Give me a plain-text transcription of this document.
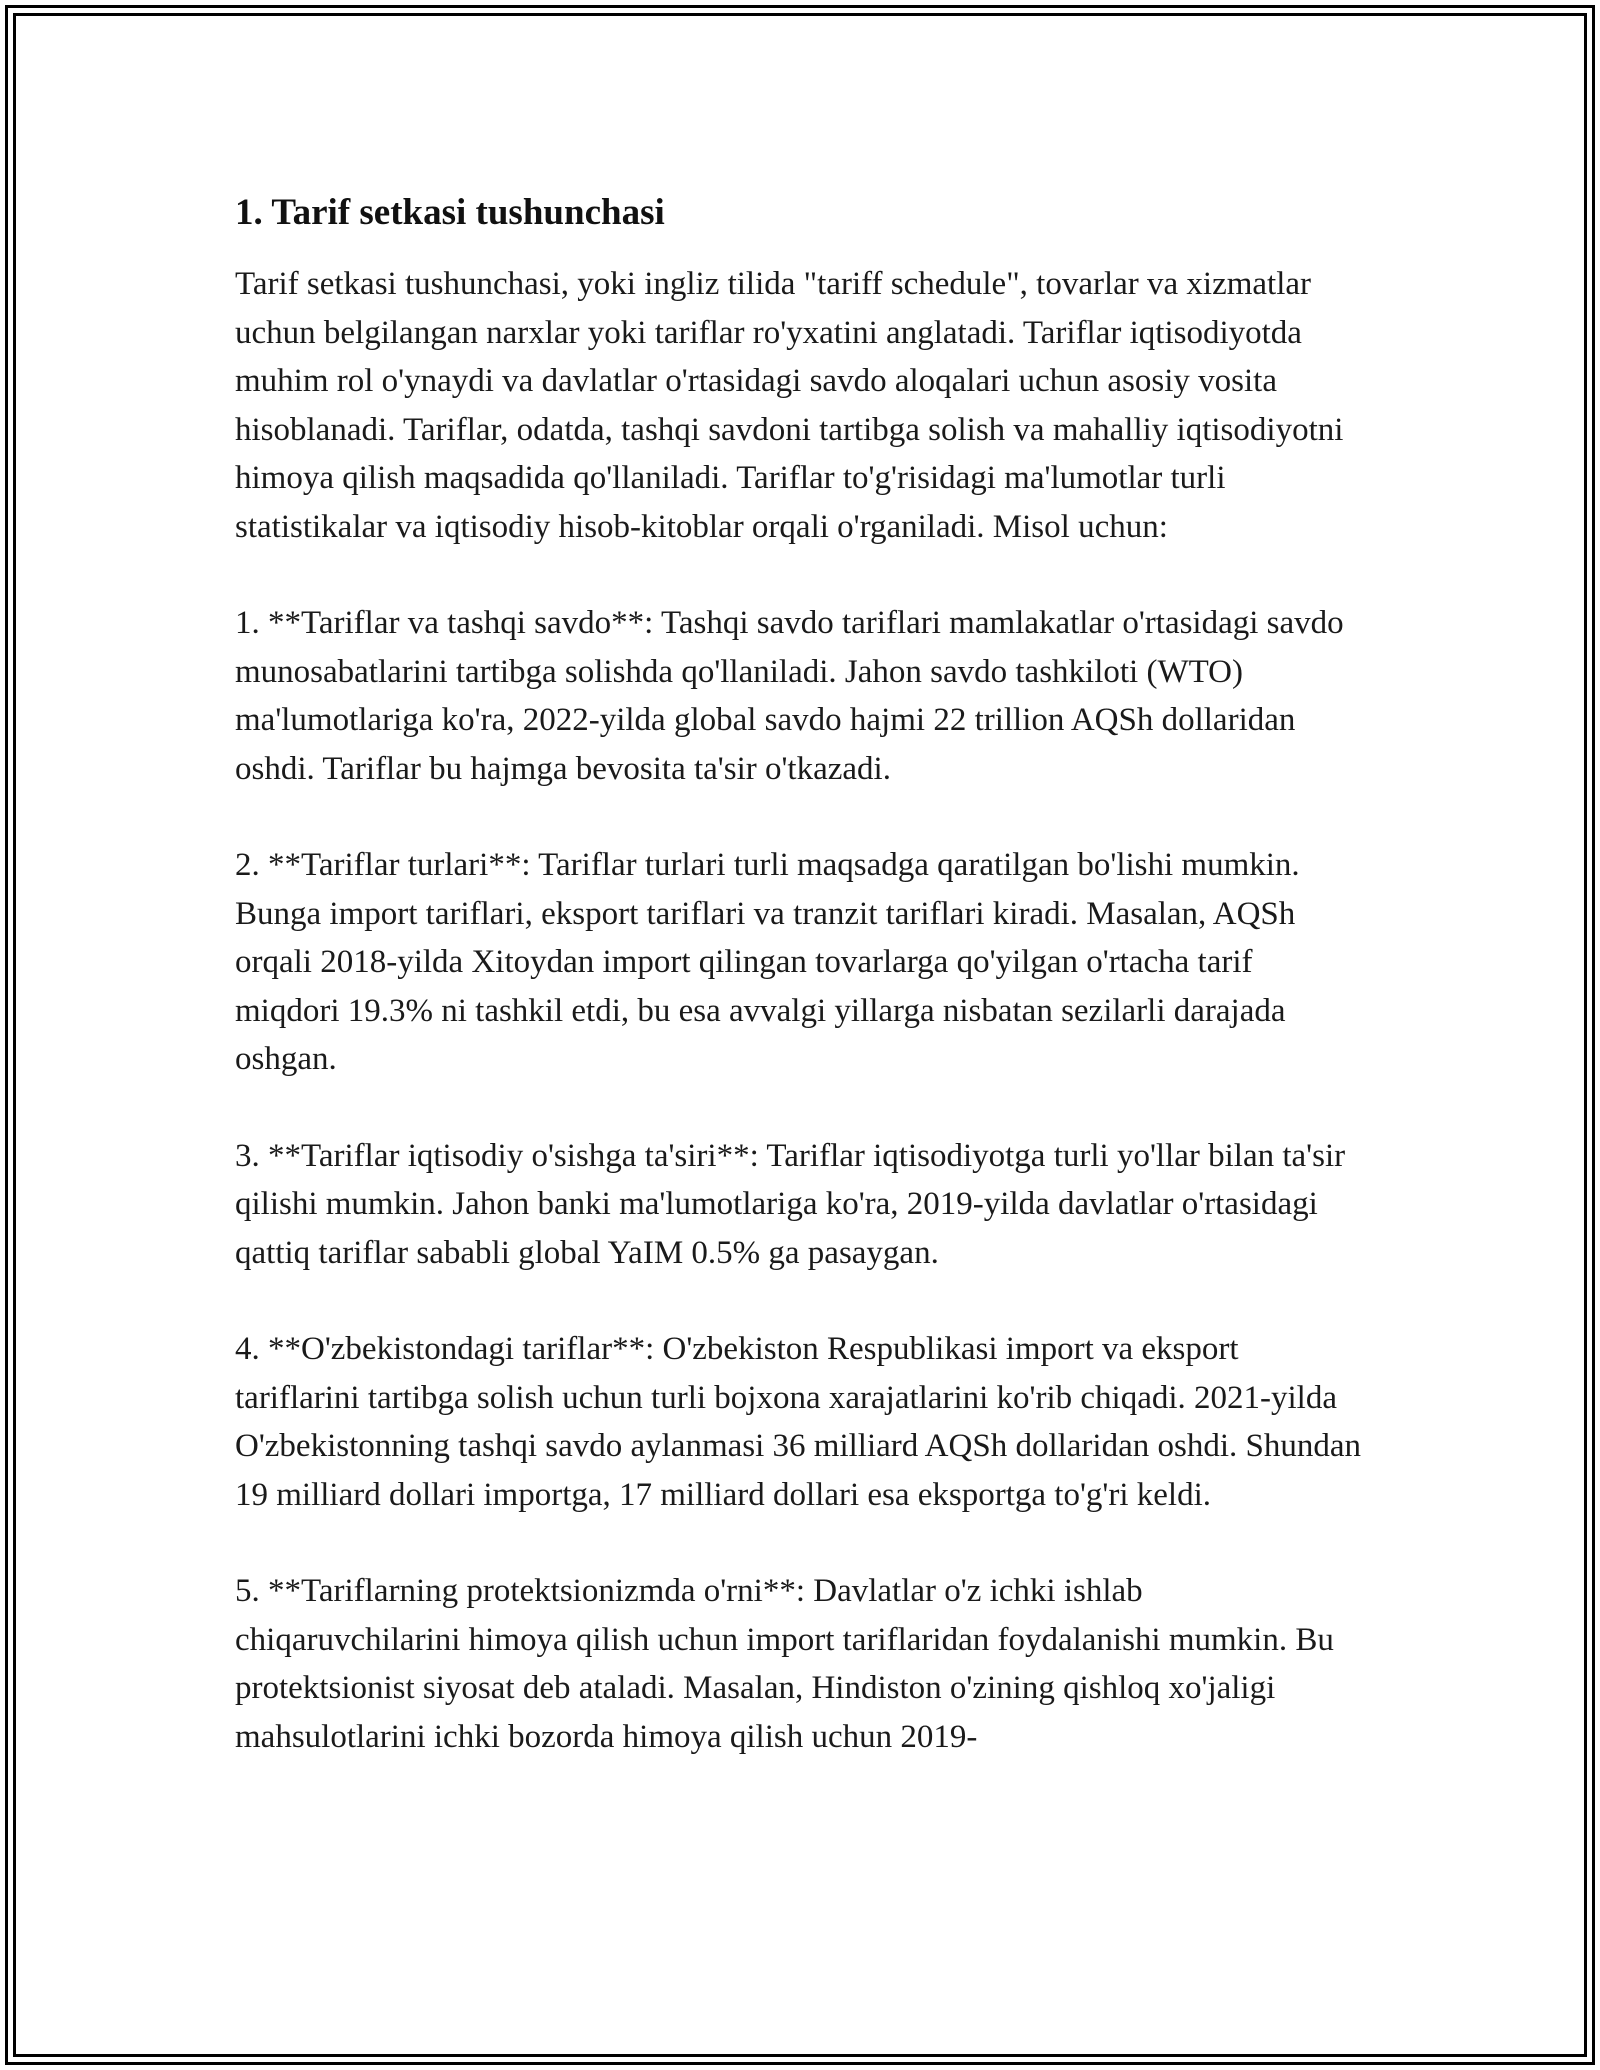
1. Tarif setkasi tushunchasi

Tarif setkasi tushunchasi, yoki ingliz tilida "tariff schedule", tovarlar va xizmatlar uchun belgilangan narxlar yoki tariflar ro'yxatini anglatadi. Tariflar iqtisodiyotda muhim rol o'ynaydi va davlatlar o'rtasidagi savdo aloqalari uchun asosiy vosita hisoblanadi. Tariflar, odatda, tashqi savdoni tartibga solish va mahalliy iqtisodiyotni himoya qilish maqsadida qo'llaniladi. Tariflar to'g'risidagi ma'lumotlar turli statistikalar va iqtisodiy hisob-kitoblar orqali o'rganiladi. Misol uchun:

1. **Tariflar va tashqi savdo**: Tashqi savdo tariflari mamlakatlar o'rtasidagi savdo munosabatlarini tartibga solishda qo'llaniladi. Jahon savdo tashkiloti (WTO) ma'lumotlariga ko'ra, 2022-yilda global savdo hajmi 22 trillion AQSh dollaridan oshdi. Tariflar bu hajmga bevosita ta'sir o'tkazadi.

2. **Tariflar turlari**: Tariflar turlari turli maqsadga qaratilgan bo'lishi mumkin. Bunga import tariflari, eksport tariflari va tranzit tariflari kiradi. Masalan, AQSh orqali 2018-yilda Xitoydan import qilingan tovarlarga qo'yilgan o'rtacha tarif miqdori 19.3% ni tashkil etdi, bu esa avvalgi yillarga nisbatan sezilarli darajada oshgan.

3. **Tariflar iqtisodiy o'sishga ta'siri**: Tariflar iqtisodiyotga turli yo'llar bilan ta'sir qilishi mumkin. Jahon banki ma'lumotlariga ko'ra, 2019-yilda davlatlar o'rtasidagi qattiq tariflar sababli global YaIM 0.5% ga pasaygan.

4. **O'zbekistondagi tariflar**: O'zbekiston Respublikasi import va eksport tariflarini tartibga solish uchun turli bojxona xarajatlarini ko'rib chiqadi. 2021-yilda O'zbekistonning tashqi savdo aylanmasi 36 milliard AQSh dollaridan oshdi. Shundan 19 milliard dollari importga, 17 milliard dollari esa eksportga to'g'ri keldi.

5. **Tariflarning protektsionizmda o'rni**: Davlatlar o'z ichki ishlab chiqaruvchilarini himoya qilish uchun import tariflaridan foydalanishi mumkin. Bu protektsionist siyosat deb ataladi. Masalan, Hindiston o'zining qishloq xo'jaligi mahsulotlarini ichki bozorda himoya qilish uchun 2019-
